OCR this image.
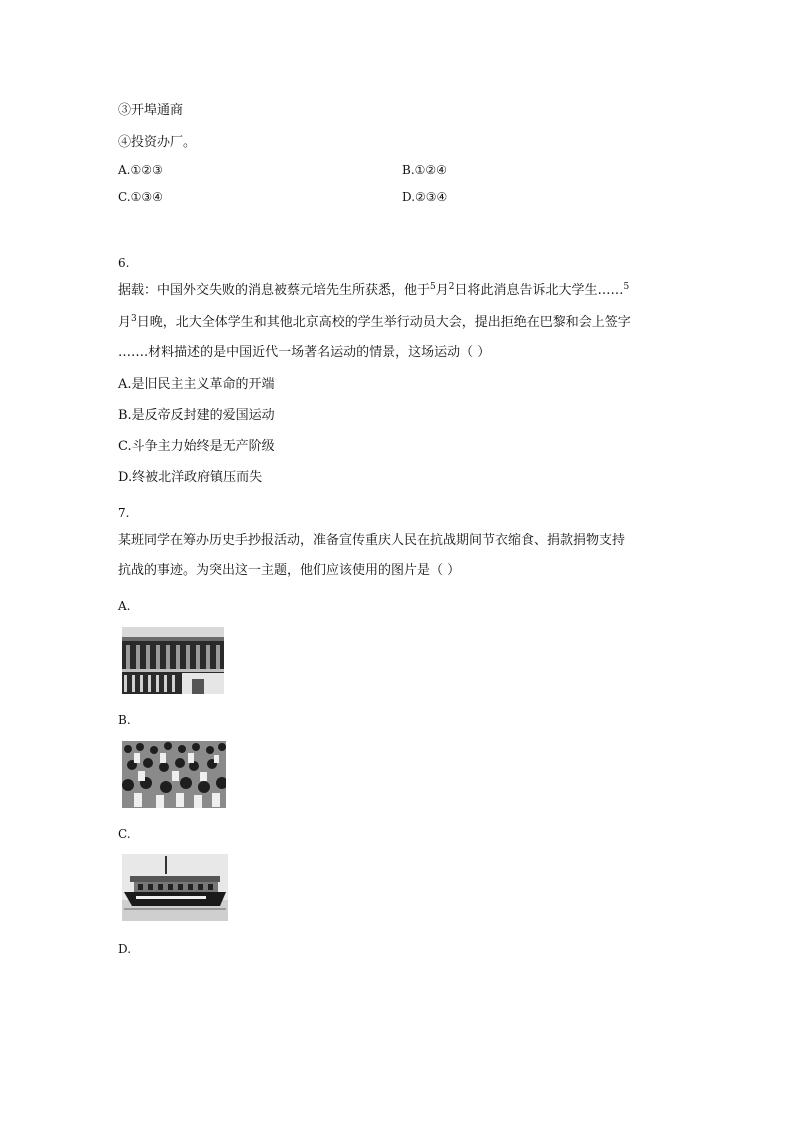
③开埠通商
④投资办厂。
A.①②③	B.①②④
C.①③④	D.②③④
6.
据载：中国外交失败的消息被蔡元培先生所获悉，他于$^5$月$^2$日将此消息告诉北大学生……$^5$
月$^3$日晚，北大全体学生和其他北京高校的学生举行动员大会，提出拒绝在巴黎和会上签字
…….材料描述的是中国近代一场著名运动的情景，这场运动（ ）
A.是旧民主主义革命的开端
B.是反帝反封建的爱国运动
C.斗争主力始终是无产阶级
D.终被北洋政府镇压而失
7.
某班同学在筹办历史手抄报活动，准备宣传重庆人民在抗战期间节衣缩食、捐款捐物支持
抗战的事迹。为突出这一主题，他们应该使用的图片是（ ）
A.
B.
C.
D.
